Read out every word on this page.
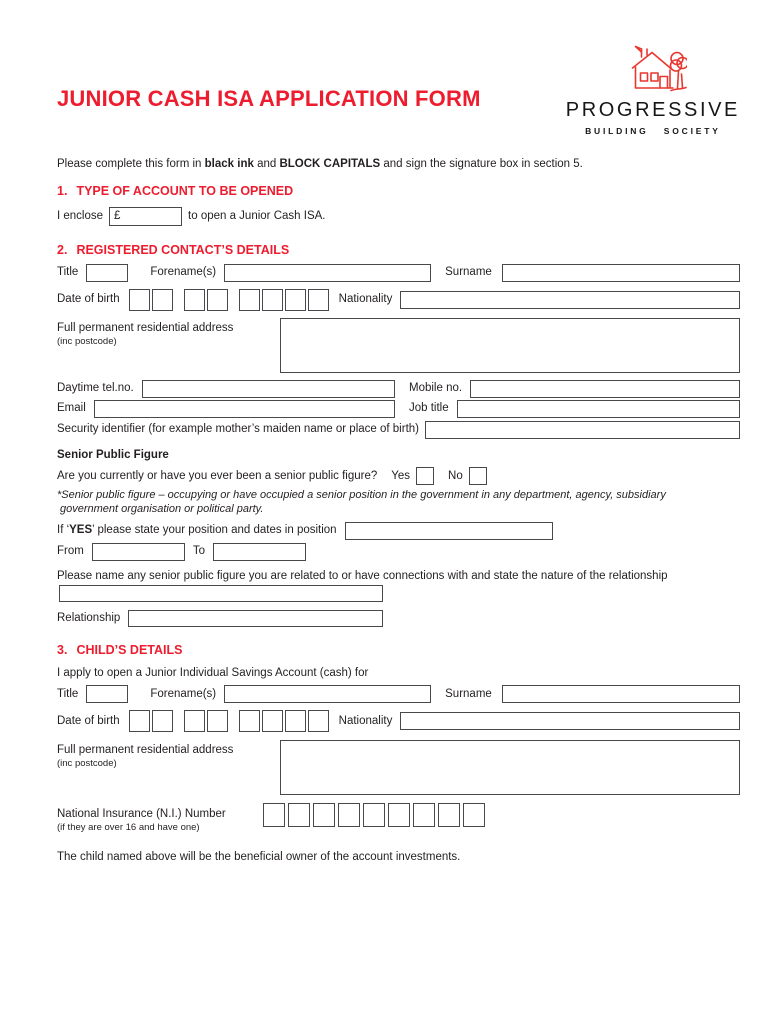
JUNIOR CASH ISA APPLICATION FORM	PROGRESSIVE
BUILDING SOCIETY
Please complete this form in black ink and BLOCK CAPITALS and sign the signature box in section 5.
1. TYPE OF ACCOUNT TO BE OPENED
I enclose £	to open a Junior Cash ISA.
2. REGISTERED CONTACT’S DETAILS
Title	Forename(s)	Surname
Date of birth	Nationality
Full permanent residential address
(inc postcode)
Daytime tel.no.	Mobile no.
Email	Job title
Security identifier (for example mother’s maiden name or place of birth)
Senior Public Figure
Are you currently or have you ever been a senior public figure? Yes	No
*Senior public figure – occupying or have occupied a senior position in the government in any department, agency, subsidiary
government organisation or political party.
If ‘YES’ please state your position and dates in position
From	To
Please name any senior public figure you are related to or have connections with and state the nature of the relationship
Relationship
3. CHILD’S DETAILS
I apply to open a Junior Individual Savings Account (cash) for
Title	Forename(s)	Surname
Date of birth	Nationality
Full permanent residential address
(inc postcode)
National Insurance (N.I.) Number
(if they are over 16 and have one)
The child named above will be the beneficial owner of the account investments.
